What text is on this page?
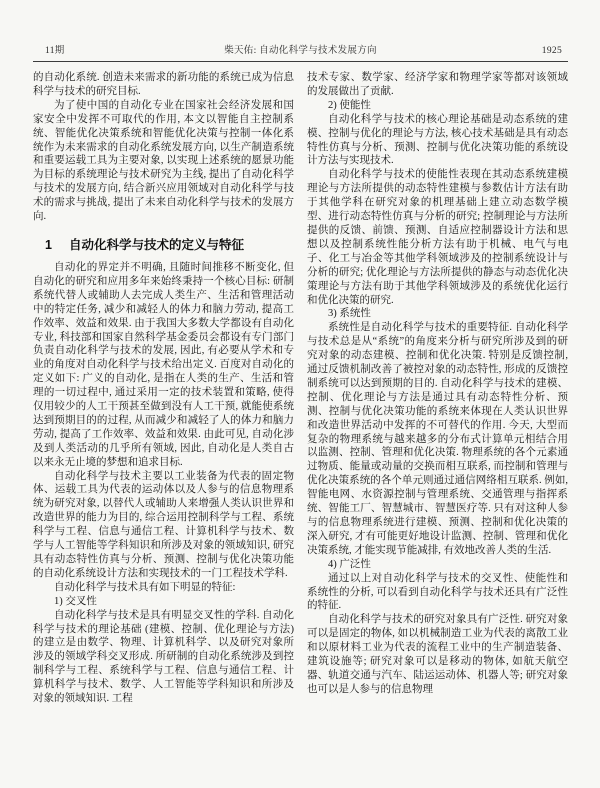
11期	柴天佑: 自动化科学与技术发展方向	1925

的自动化系统. 创造未来需求的新功能的系统已成为信息科学与技术的研究目标.

为了使中国的自动化专业在国家社会经济发展和国家安全中发挥不可取代的作用, 本文以智能自主控制系统、智能优化决策系统和智能优化决策与控制一体化系统作为未来需求的自动化系统发展方向, 以生产制造系统和重要运载工具为主要对象, 以实现上述系统的愿景功能为目标的系统理论与技术研究为主线, 提出了自动化科学与技术的发展方向, 结合新兴应用领域对自动化科学与技术的需求与挑战, 提出了未来自动化科学与技术的发展方向.

1 自动化科学与技术的定义与特征

自动化的界定并不明确, 且随时间推移不断变化, 但自动化的研究和应用多年来始终秉持一个核心目标: 研制系统代替人或辅助人去完成人类生产、生活和管理活动中的特定任务, 减少和减轻人的体力和脑力劳动, 提高工作效率、效益和效果. 由于我国大多数大学都设有自动化专业, 科技部和国家自然科学基金委员会都设有专门部门负责自动化科学与技术的发展, 因此, 有必要从学术和专业的角度对自动化科学与技术给出定义. 百度对自动化的定义如下: 广义的自动化, 是指在人类的生产、生活和管理的一切过程中, 通过采用一定的技术装置和策略, 使得仅用较少的人工干预甚至做到没有人工干预, 就能使系统达到预期目的的过程, 从而减少和减轻了人的体力和脑力劳动, 提高了工作效率、效益和效果. 由此可见, 自动化涉及到人类活动的几乎所有领域, 因此, 自动化是人类自古以来永无止境的梦想和追求目标.

自动化科学与技术主要以工业装备为代表的固定物体、运载工具为代表的运动体以及人参与的信息物理系统为研究对象, 以替代人或辅助人来增强人类认识世界和改造世界的能力为目的, 综合运用控制科学与工程、系统科学与工程、信息与通信工程、计算机科学与技术、数学与人工智能等学科知识和所涉及对象的领域知识, 研究具有动态特性仿真与分析、预测、控制与优化决策功能的自动化系统设计方法和实现技术的一门工程技术学科.

自动化科学与技术具有如下明显的特征:

1) 交叉性

自动化科学与技术是具有明显交叉性的学科. 自动化科学与技术的理论基础 (建模、控制、优化理论与方法) 的建立是由数学、物理、计算机科学、以及研究对象所涉及的领域学科交叉形成. 所研制的自动化系统涉及到控制科学与工程、系统科学与工程、信息与通信工程、计算机科学与技术、数学、人工智能等学科知识和所涉及对象的领域知识. 工程

技术专家、数学家、经济学家和物理学家等都对该领域的发展做出了贡献.

2) 使能性

自动化科学与技术的核心理论基础是动态系统的建模、控制与优化的理论与方法, 核心技术基础是具有动态特性仿真与分析、预测、控制与优化决策功能的系统设计方法与实现技术.

自动化科学与技术的使能性表现在其动态系统建模理论与方法所提供的动态特性建模与参数估计方法有助于其他学科在研究对象的机理基础上建立动态数学模型、进行动态特性仿真与分析的研究; 控制理论与方法所提供的反馈、前馈、预测、自适应控制器设计方法和思想以及控制系统性能分析方法有助于机械、电气与电子、化工与冶金等其他学科领域涉及的控制系统设计与分析的研究; 优化理论与方法所提供的静态与动态优化决策理论与方法有助于其他学科领域涉及的系统优化运行和优化决策的研究.

3) 系统性

系统性是自动化科学与技术的重要特征. 自动化科学与技术总是从“系统”的角度来分析与研究所涉及到的研究对象的动态建模、控制和优化决策. 特别是反馈控制, 通过反馈机制改善了被控对象的动态特性, 形成的反馈控制系统可以达到预期的目的. 自动化科学与技术的建模、控制、优化理论与方法是通过具有动态特性分析、预测、控制与优化决策功能的系统来体现在人类认识世界和改造世界活动中发挥的不可替代的作用. 今天, 大型而复杂的物理系统与越来越多的分布式计算单元相结合用以监测、控制、管理和优化决策. 物理系统的各个元素通过物质、能量或动量的交换而相互联系, 而控制和管理与优化决策系统的各个单元则通过通信网络相互联系. 例如, 智能电网、水资源控制与管理系统、交通管理与指挥系统、智能工厂、智慧城市、智慧医疗等. 只有对这种人参与的信息物理系统进行建模、预测、控制和优化决策的深入研究, 才有可能更好地设计监测、控制、管理和优化决策系统, 才能实现节能减排, 有效地改善人类的生活.

4) 广泛性

通过以上对自动化科学与技术的交叉性、使能性和系统性的分析, 可以看到自动化科学与技术还具有广泛性的特征.

自动化科学与技术的研究对象具有广泛性. 研究对象可以是固定的物体, 如以机械制造工业为代表的离散工业和以原材料工业为代表的流程工业中的生产制造装备、建筑设施等; 研究对象可以是移动的物体, 如航天航空器、轨道交通与汽车、陆运运动体、机器人等; 研究对象也可以是人参与的信息物理
